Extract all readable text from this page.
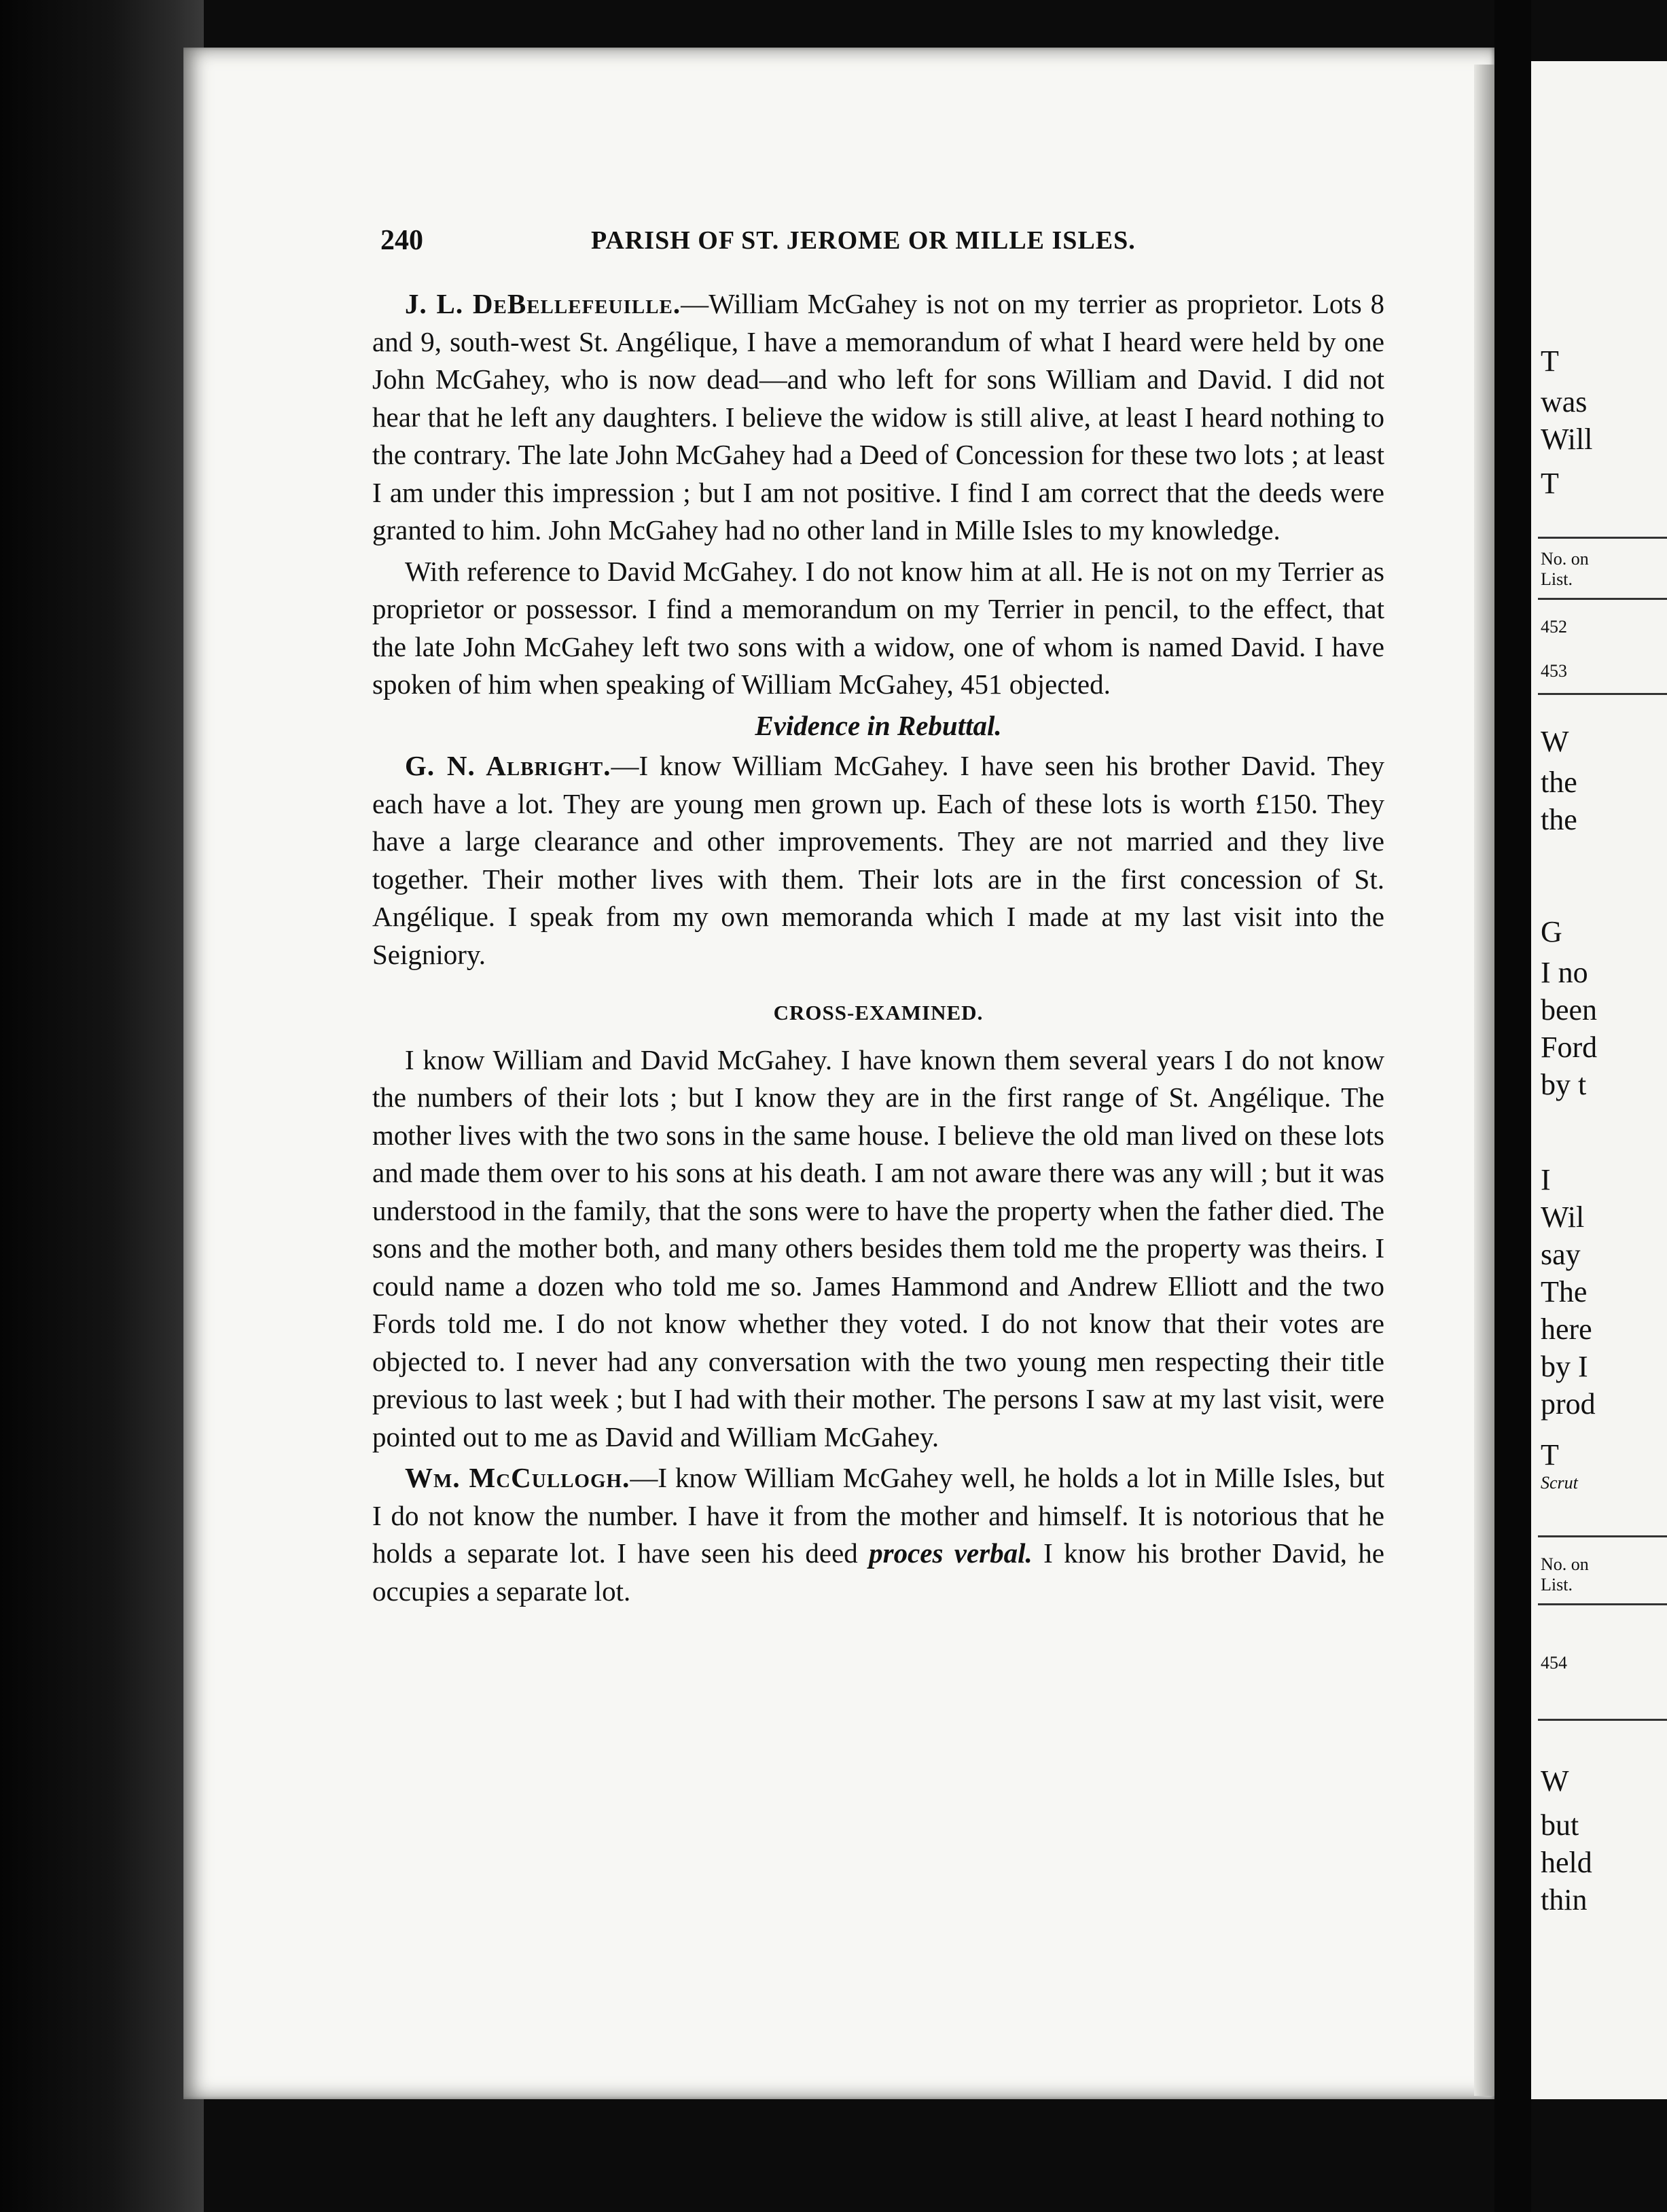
240	PARISH OF ST. JEROME OR MILLE ISLES.

J. L. DeBellefeuille.—William McGahey is not on my terrier as proprietor. Lots 8 and 9, south-west St. Angélique, I have a memorandum of what I heard were held by one John McGahey, who is now dead—and who left for sons William and David. I did not hear that he left any daughters. I believe the widow is still alive, at least I heard nothing to the contrary. The late John McGahey had a Deed of Concession for these two lots ; at least I am under this impression ; but I am not positive. I find I am correct that the deeds were granted to him. John McGahey had no other land in Mille Isles to my knowledge.

With reference to David McGahey. I do not know him at all. He is not on my Terrier as proprietor or possessor. I find a memorandum on my Terrier in pencil, to the effect, that the late John McGahey left two sons with a widow, one of whom is named David. I have spoken of him when speaking of William McGahey, 451 objected.

Evidence in Rebuttal.

G. N. Albright.—I know William McGahey. I have seen his brother David. They each have a lot. They are young men grown up. Each of these lots is worth £150. They have a large clearance and other improvements. They are not married and they live together. Their mother lives with them. Their lots are in the first concession of St. Angélique. I speak from my own memoranda which I made at my last visit into the Seigniory.

CROSS-EXAMINED.

I know William and David McGahey. I have known them several years I do not know the numbers of their lots ; but I know they are in the first range of St. Angélique. The mother lives with the two sons in the same house. I believe the old man lived on these lots and made them over to his sons at his death. I am not aware there was any will ; but it was understood in the family, that the sons were to have the property when the father died. The sons and the mother both, and many others besides them told me the property was theirs. I could name a dozen who told me so. James Hammond and Andrew Elliott and the two Fords told me. I do not know whether they voted. I do not know that their votes are objected to. I never had any conversation with the two young men respecting their title previous to last week ; but I had with their mother. The persons I saw at my last visit, were pointed out to me as David and William McGahey.

Wm. McCullogh.—I know William McGahey well, he holds a lot in Mille Isles, but I do not know the number. I have it from the mother and himself. It is notorious that he holds a separate lot. I have seen his deed proces verbal. I know his brother David, he occupies a separate lot.

T
was
Will
T
No. on
List.
452
453
W
the
the
G
I no
been
Ford
by t
I
Wil
say
The
here
by I
prod
T
Scrut
No. on
List.
454
W
but
held
thin
